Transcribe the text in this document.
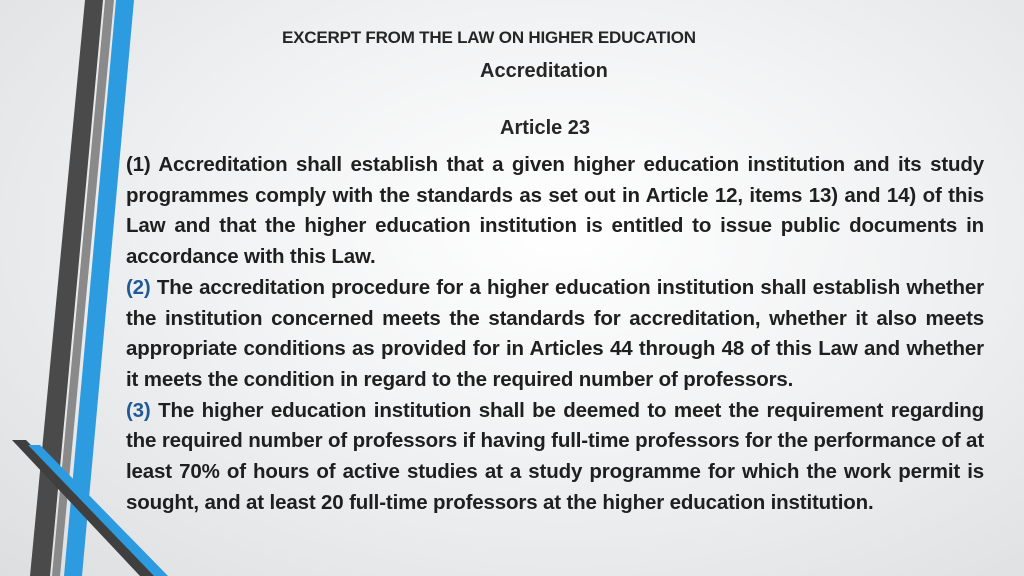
EXCERPT FROM THE LAW ON HIGHER EDUCATION
Accreditation
Article 23

(1) Accreditation shall establish that a given higher education institution and its study programmes comply with the standards as set out in Article 12, items 13) and 14) of this Law and that the higher education institution is entitled to issue public documents in accordance with this Law.

(2) The accreditation procedure for a higher education institution shall establish whether the institution concerned meets the standards for accreditation, whether it also meets appropriate conditions as provided for in Articles 44 through 48 of this Law and whether it meets the condition in regard to the required number of professors.

(3) The higher education institution shall be deemed to meet the requirement regarding the required number of professors if having full-time professors for the performance of at least 70% of hours of active studies at a study programme for which the work permit is sought, and at least 20 full-time professors at the higher education institution.
